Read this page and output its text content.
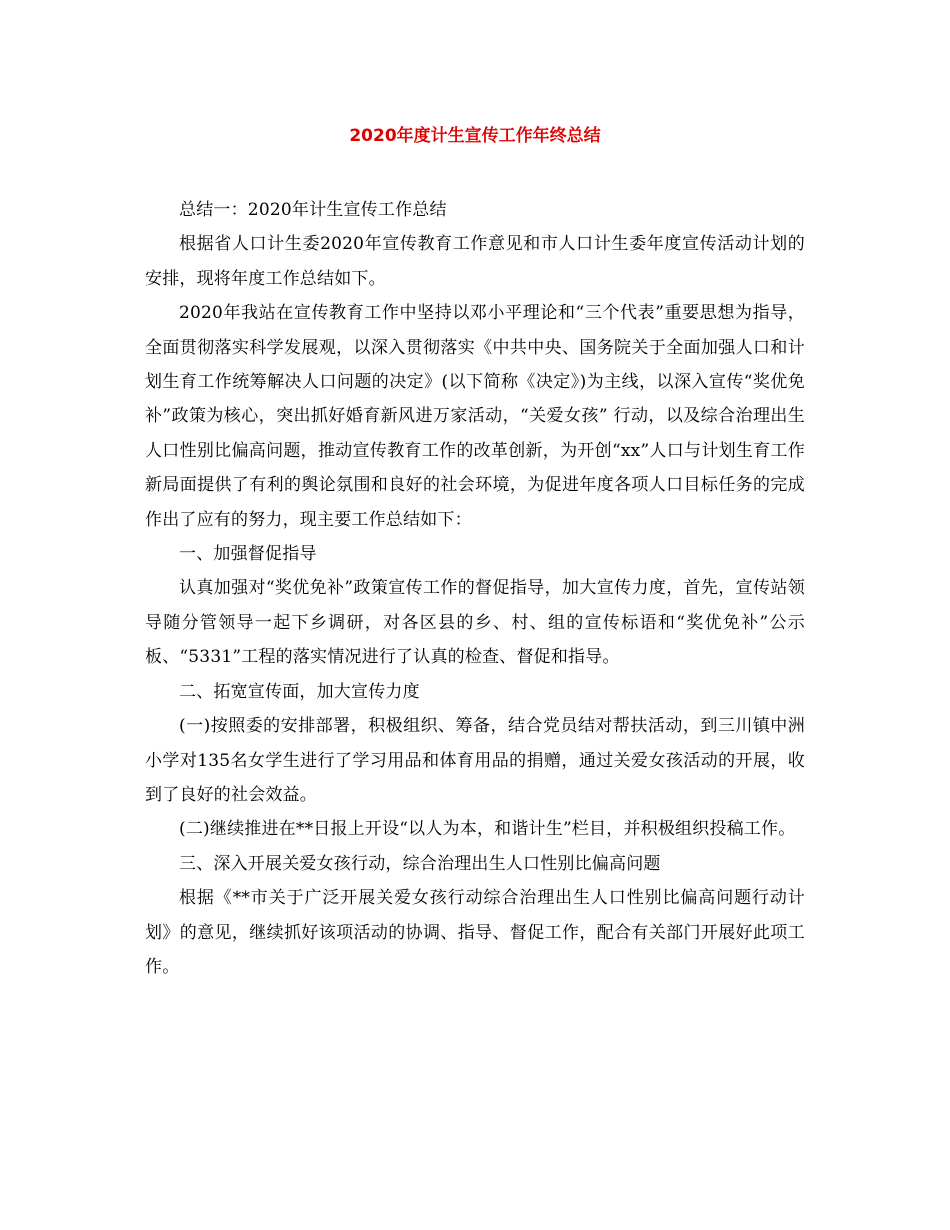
2020年度计生宣传工作年终总结

总结一：2020年计生宣传工作总结

根据省人口计生委2020年宣传教育工作意见和市人口计生委年度宣传活动计划的安排，现将年度工作总结如下。

2020年我站在宣传教育工作中坚持以邓小平理论和“三个代表”重要思想为指导，全面贯彻落实科学发展观，以深入贯彻落实《中共中央、国务院关于全面加强人口和计划生育工作统筹解决人口问题的决定》(以下简称《决定》)为主线，以深入宣传“奖优免补”政策为核心，突出抓好婚育新风进万家活动，“关爱女孩” 行动，以及综合治理出生人口性别比偏高问题，推动宣传教育工作的改革创新，为开创“xx”人口与计划生育工作新局面提供了有利的舆论氛围和良好的社会环境，为促进年度各项人口目标任务的完成作出了应有的努力，现主要工作总结如下：

一、加强督促指导

认真加强对“奖优免补”政策宣传工作的督促指导，加大宣传力度，首先，宣传站领导随分管领导一起下乡调研，对各区县的乡、村、组的宣传标语和“奖优免补”公示板、“5331”工程的落实情况进行了认真的检查、督促和指导。

二、拓宽宣传面，加大宣传力度

(一)按照委的安排部署，积极组织、筹备，结合党员结对帮扶活动，到三川镇中洲小学对135名女学生进行了学习用品和体育用品的捐赠，通过关爱女孩活动的开展，收到了良好的社会效益。

(二)继续推进在**日报上开设“以人为本，和谐计生”栏目，并积极组织投稿工作。

三、深入开展关爱女孩行动，综合治理出生人口性别比偏高问题

根据《**市关于广泛开展关爱女孩行动综合治理出生人口性别比偏高问题行动计划》的意见，继续抓好该项活动的协调、指导、督促工作，配合有关部门开展好此项工作。
